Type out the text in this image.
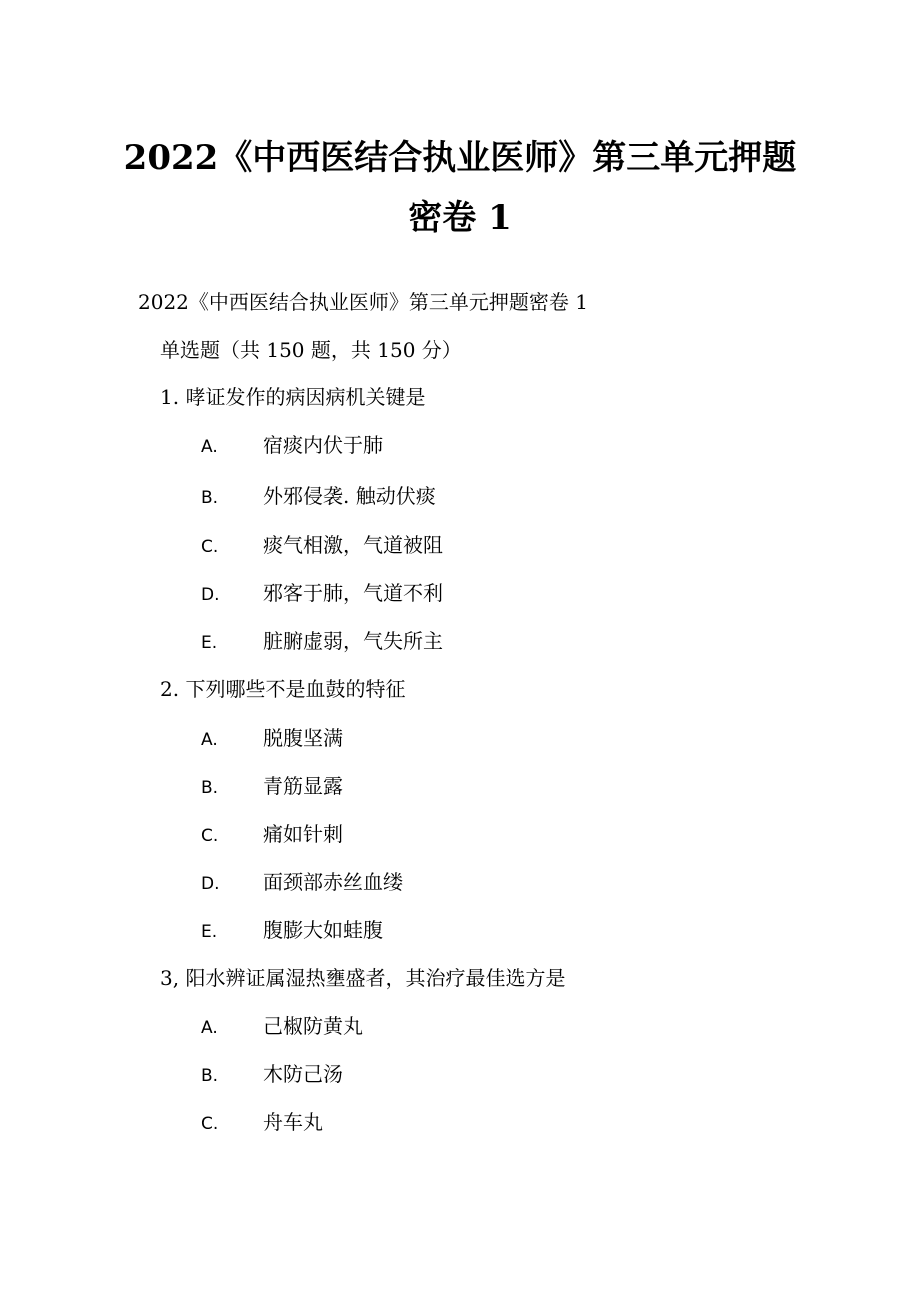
2022《中西医结合执业医师》第三单元押题
密卷 1
2022《中西医结合执业医师》第三单元押题密卷 1
单选题（共 150 题，共 150 分）
1. 哮证发作的病因病机关键是
A. 宿痰内伏于肺
B. 外邪侵袭. 触动伏痰
C. 痰气相激，气道被阻
D. 邪客于肺，气道不利
E. 脏腑虚弱，气失所主
2. 下列哪些不是血鼓的特征
A. 脱腹坚满
B. 青筋显露
C. 痛如针刺
D. 面颈部赤丝血缕
E. 腹膨大如蛙腹
3, 阳水辨证属湿热壅盛者，其治疗最佳选方是
A. 己椒防黄丸
B. 木防己汤
C. 舟车丸
